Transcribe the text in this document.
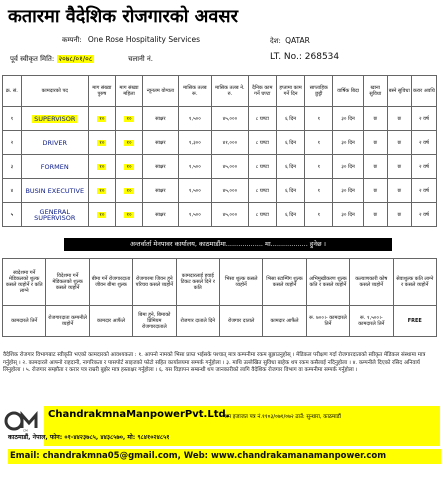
कतारमा वैदेशिक रोजगारको अवसर
कम्पनी: One Rose Hospitality Services	देश: QATAR
पूर्व स्वीकृत मिति: २०७८/०१/०८	चलानी नं.	LT. No.: 268534
क्र. सं.	कामदारको पद	माग संख्या पुरुष	माग संख्या महिला	न्यूनतम योग्यता	मासिक तलब रू.	मासिक तलब ने. रु.	दैनिक काम गर्ने घण्टा	हप्तामा काम गर्ने दिन	साप्ताहिक छुट्टी	वार्षिक बिदा	खाना सुविधा	बस्ने सुविधा	करार अवधि
१	SUPERVISOR	१०	१०	साक्षर	१,५००	४५,०००	८ घण्टा	६ दिन	१	३० दिन	छ	छ	२ वर्ष
२	DRIVER	१०	१०	साक्षर	१,३००	४१,०००	८ घण्टा	६ दिन	१	३० दिन	छ	छ	२ वर्ष
३	FORMEN	१०	१०	साक्षर	१,५००	४५,०००	८ घण्टा	६ दिन	१	३० दिन	छ	छ	२ वर्ष
४	BUSIN EXECUTIVE	१०	१०	साक्षर	१,५००	४५,०००	८ घण्टा	६ दिन	१	३० दिन	छ	छ	२ वर्ष
५	GENERAL SUPERVISOR	१०	१०	साक्षर	१,५००	४५,०००	८ घण्टा	६ दिन	१	३० दिन	छ	छ	२ वर्ष
अन्तर्वार्ता मेनपावर कार्यालय, काठमाडौंमा.................. मा.................. हुनेछ ।
स्वदेशमा गर्ने मेडिकलको शुल्क कसले व्यहोर्ने र कति लाग्ने	विदेशमा गर्ने मेडिकलको शुल्क कसले व्यहोर्ने	बीमा गर्ने रोजगारदाता जीवन बीमा शुल्क	रोजगारमा जिवन हुने परिचय कसले व्यहोर्ने	कामदारलाई हवाई टिकट कसले दिने र कति	भिसा शुल्क कसले व्यहोर्ने	भिसा स्टाम्पिंग शुल्क कसले व्यहोर्ने	अभिमुखीकरण शुल्क कति र कसले व्यहोर्ने	कल्याणकारी कोष कसले व्यहोर्ने	सेवाशुल्क कति लाग्ने र कसले व्यहोर्ने
कामदारले तिर्ने	रोजगारदाता कम्पनीले व्यहोर्ने	कामदार आफैंले	बिमा हुने, बिमाको प्रिमियम रोजगारदाताले	रोजगार दाताले दिने	रोजगार दाताले	कामदार आफैंले	रू. ७००।- कामदारले तिर्ने	रू. १,५००।- कामदारले तिर्ने	FREE
वैदेशिक रोजगार विभागबाट स्वीकृति भएको कामदारको आवश्यकता : १. आफ्नो नामको भिसा प्राप्त भईसके पश्चात् मात्र कम्पनीमा रकम बुझाउनुहोस् । मेडिकल परीक्षण गर्दा रोजगारदाताको स्वीकृत मेडिकल संस्थामा मात्र गर्नुहोस् । २. कामदारले आफ्नो राहदानी, नागरिकता र पासपोर्ट साइजको फोटो सहित कार्यालयमा सम्पर्क गर्नुहोला । ३. माथि उल्लेखित सुविधा बाहेक थप रकम कसैलाई नदिनुहोला । ४. कम्पनीले दिएको रसिद अनिवार्य लिनुहोला । ५. रोजगार सम्झौता र करार पत्र राम्ररी बुझेर मात्र हस्ताक्षर गर्नुहोला । ६. यस विज्ञापन सम्बन्धी थप जानकारीको लागि वैदेशिक रोजगार विभाग वा कम्पनीमा सम्पर्क गर्नुहोला ।
CM
ChandrakmnaManpowerPvt.Ltd.
श्रम इजाजत पत्र नं.११०३/०७१/०७२ ठाउँ: सुन्धारा, काठमाडौं
काठमाडौं, नेपाल, फोन: ०१-४४२३७८५, ४४३८५७०, मो: ९८४१०२४८५१
Email: chandrakmna05@gmail.com, Web: www.chandrakamanamanpower.com
